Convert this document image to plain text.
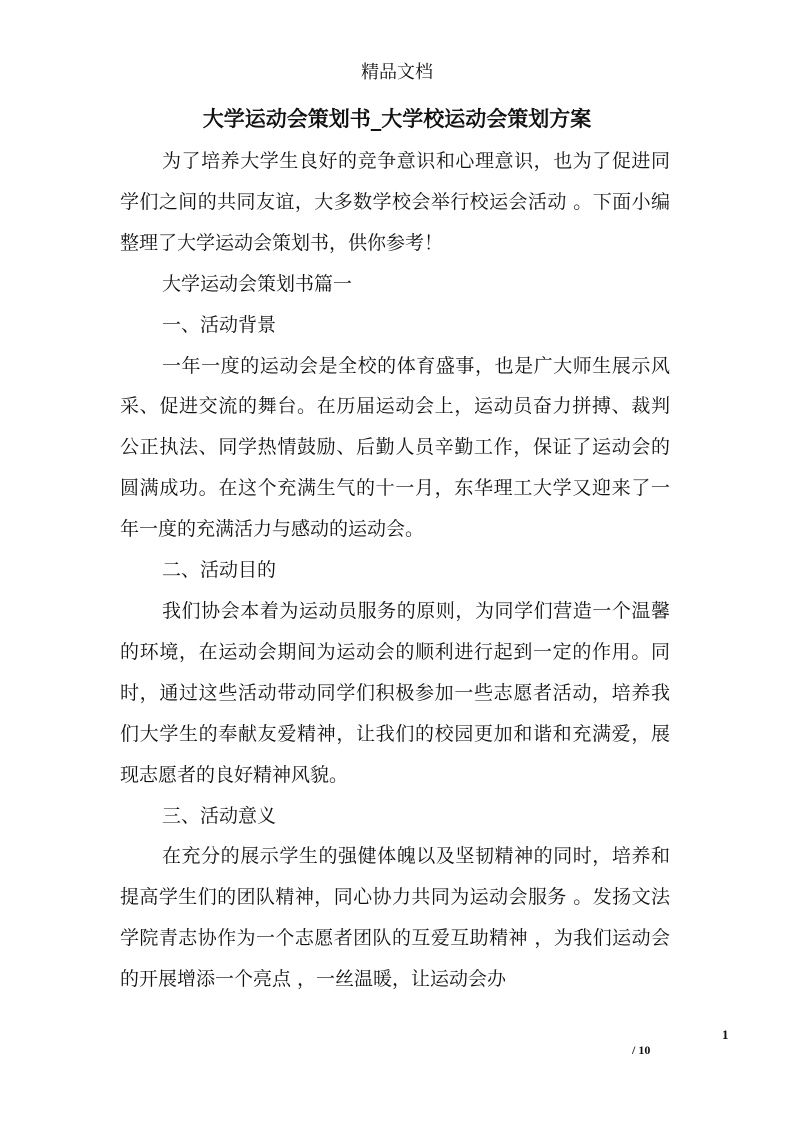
精品文档
大学运动会策划书_大学校运动会策划方案

为了培养大学生良好的竞争意识和心理意识，也为了促进同学们之间的共同友谊，大多数学校会举行校运会活动 。下面小编整理了大学运动会策划书，供你参考！

大学运动会策划书篇一

一、活动背景

一年一度的运动会是全校的体育盛事，也是广大师生展示风采、促进交流的舞台。在历届运动会上，运动员奋力拼搏、裁判公正执法、同学热情鼓励、后勤人员辛勤工作，保证了运动会的圆满成功。在这个充满生气的十一月，东华理工大学又迎来了一年一度的充满活力与感动的运动会。

二、活动目的

我们协会本着为运动员服务的原则，为同学们营造一个温馨的环境，在运动会期间为运动会的顺利进行起到一定的作用。同时，通过这些活动带动同学们积极参加一些志愿者活动，培养我们大学生的奉献友爱精神，让我们的校园更加和谐和充满爱，展现志愿者的良好精神风貌。

三、活动意义

在充分的展示学生的强健体魄以及坚韧精神的同时，培养和提高学生们的团队精神，同心协力共同为运动会服务 。发扬文法学院青志协作为一个志愿者团队的互爱互助精神 ，为我们运动会的开展增添一个亮点 ，一丝温暖，让运动会办

1
/ 10
